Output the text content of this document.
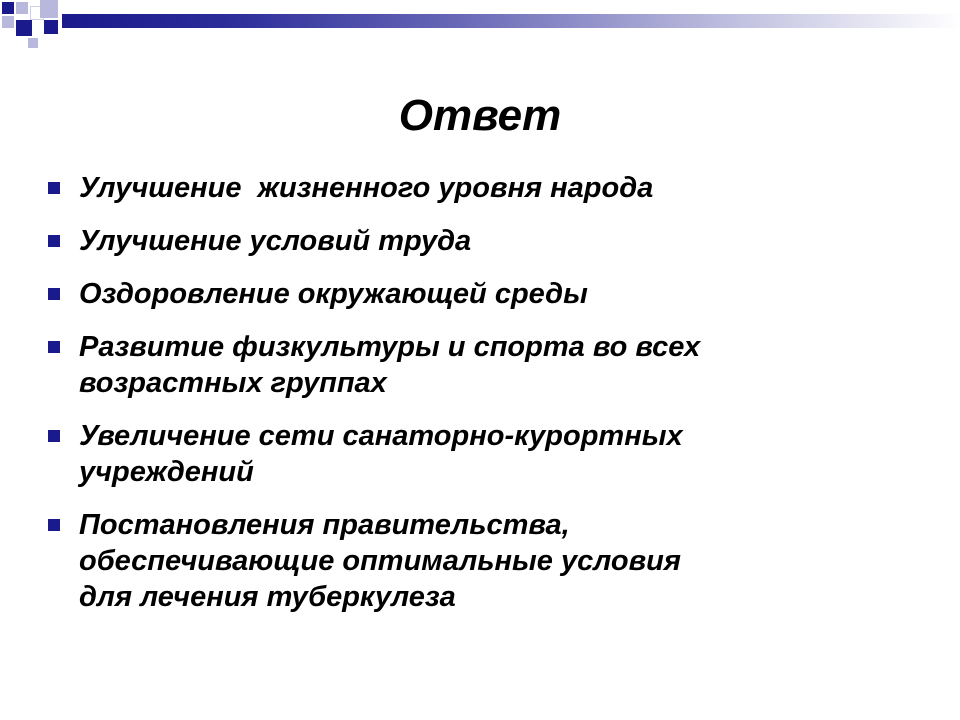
Ответ
Улучшение  жизненного уровня народа
Улучшение условий труда
Оздоровление окружающей среды
Развитие физкультуры и спорта во всех
возрастных группах
Увеличение сети санаторно-курортных
учреждений
Постановления правительства,
обеспечивающие оптимальные условия
для лечения туберкулеза
